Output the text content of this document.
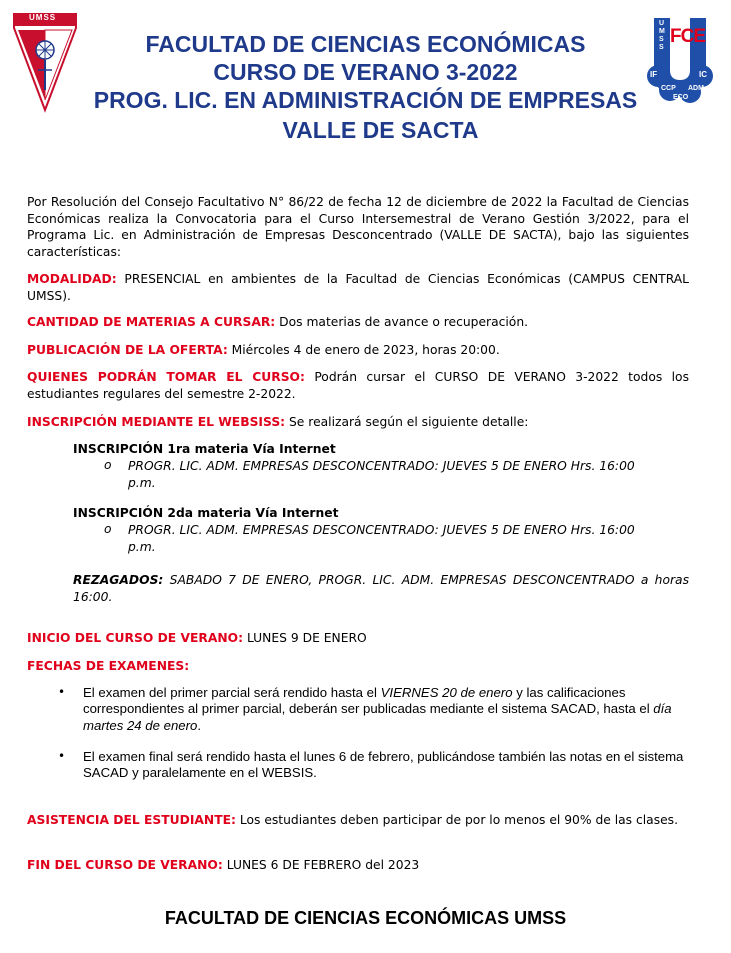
UMSS
FCE
UMSS
IF	IC
CCP ADM
ECO
FACULTAD DE CIENCIAS ECONÓMICAS
CURSO DE VERANO 3-2022
PROG. LIC. EN ADMINISTRACIÓN DE EMPRESAS
VALLE DE SACTA
Por Resolución del Consejo Facultativo N° 86/22 de fecha 12 de diciembre de 2022 la Facultad de Ciencias Económicas realiza la Convocatoria para el Curso Intersemestral de Verano Gestión 3/2022, para el Programa Lic. en Administración de Empresas Desconcentrado (VALLE DE SACTA), bajo las siguientes características:
MODALIDAD: PRESENCIAL en ambientes de la Facultad de Ciencias Económicas (CAMPUS CENTRAL UMSS).
CANTIDAD DE MATERIAS A CURSAR: Dos materias de avance o recuperación.
PUBLICACIÓN DE LA OFERTA: Miércoles 4 de enero de 2023, horas 20:00.
QUIENES PODRÁN TOMAR EL CURSO: Podrán cursar el CURSO DE VERANO 3-2022 todos los estudiantes regulares del semestre 2-2022.
INSCRIPCIÓN MEDIANTE EL WEBSISS: Se realizará según el siguiente detalle:
INSCRIPCIÓN 1ra materia Vía Internet
o PROGR. LIC. ADM. EMPRESAS DESCONCENTRADO: JUEVES 5 DE ENERO Hrs. 16:00
p.m.
INSCRIPCIÓN 2da materia Vía Internet
o PROGR. LIC. ADM. EMPRESAS DESCONCENTRADO: JUEVES 5 DE ENERO Hrs. 16:00
p.m.
REZAGADOS: SABADO 7 DE ENERO, PROGR. LIC. ADM. EMPRESAS DESCONCENTRADO a horas 16:00.
INICIO DEL CURSO DE VERANO: LUNES 9 DE ENERO
FECHAS DE EXAMENES:
• El examen del primer parcial será rendido hasta el VIERNES 20 de enero y las calificaciones correspondientes al primer parcial, deberán ser publicadas mediante el sistema SACAD, hasta el día martes 24 de enero.
• El examen final será rendido hasta el lunes 6 de febrero, publicándose también las notas en el sistema SACAD y paralelamente en el WEBSIS.
ASISTENCIA DEL ESTUDIANTE: Los estudiantes deben participar de por lo menos el 90% de las clases.
FIN DEL CURSO DE VERANO: LUNES 6 DE FEBRERO del 2023
FACULTAD DE CIENCIAS ECONÓMICAS UMSS
